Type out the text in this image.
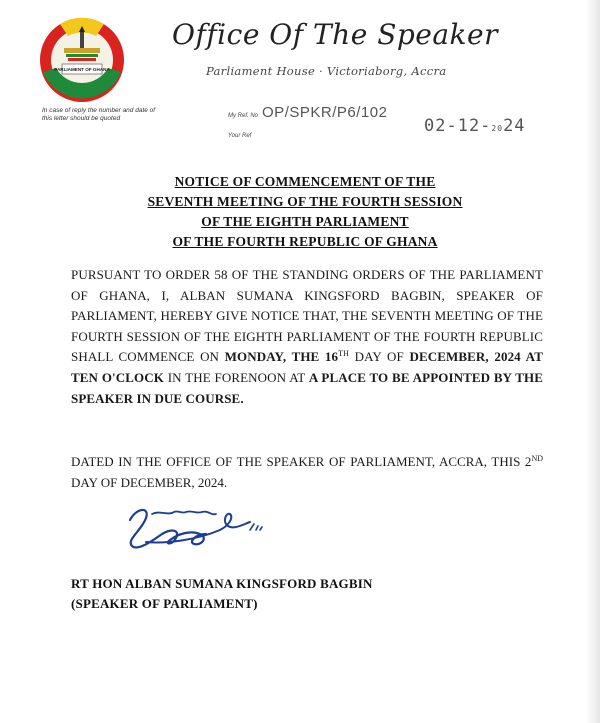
PARLIAMENT OF GHANA
In case of reply the number and date of this letter should be quoted
Office Of The Speaker
Parliament House · Victoriaborg, Accra
My Ref. No OP/SPKR/P6/102
Your Ref	02-12-2024
NOTICE OF COMMENCEMENT OF THE
SEVENTH MEETING OF THE FOURTH SESSION
OF THE EIGHTH PARLIAMENT
OF THE FOURTH REPUBLIC OF GHANA
PURSUANT TO ORDER 58 OF THE STANDING ORDERS OF THE PARLIAMENT OF GHANA, I, ALBAN SUMANA KINGSFORD BAGBIN, SPEAKER OF PARLIAMENT, HEREBY GIVE NOTICE THAT, THE SEVENTH MEETING OF THE FOURTH SESSION OF THE EIGHTH PARLIAMENT OF THE FOURTH REPUBLIC SHALL COMMENCE ON MONDAY, THE 16TH DAY OF DECEMBER, 2024 AT TEN O'CLOCK IN THE FORENOON AT A PLACE TO BE APPOINTED BY THE SPEAKER IN DUE COURSE.
DATED IN THE OFFICE OF THE SPEAKER OF PARLIAMENT, ACCRA, THIS 2ND DAY OF DECEMBER, 2024.
RT HON ALBAN SUMANA KINGSFORD BAGBIN
(SPEAKER OF PARLIAMENT)
